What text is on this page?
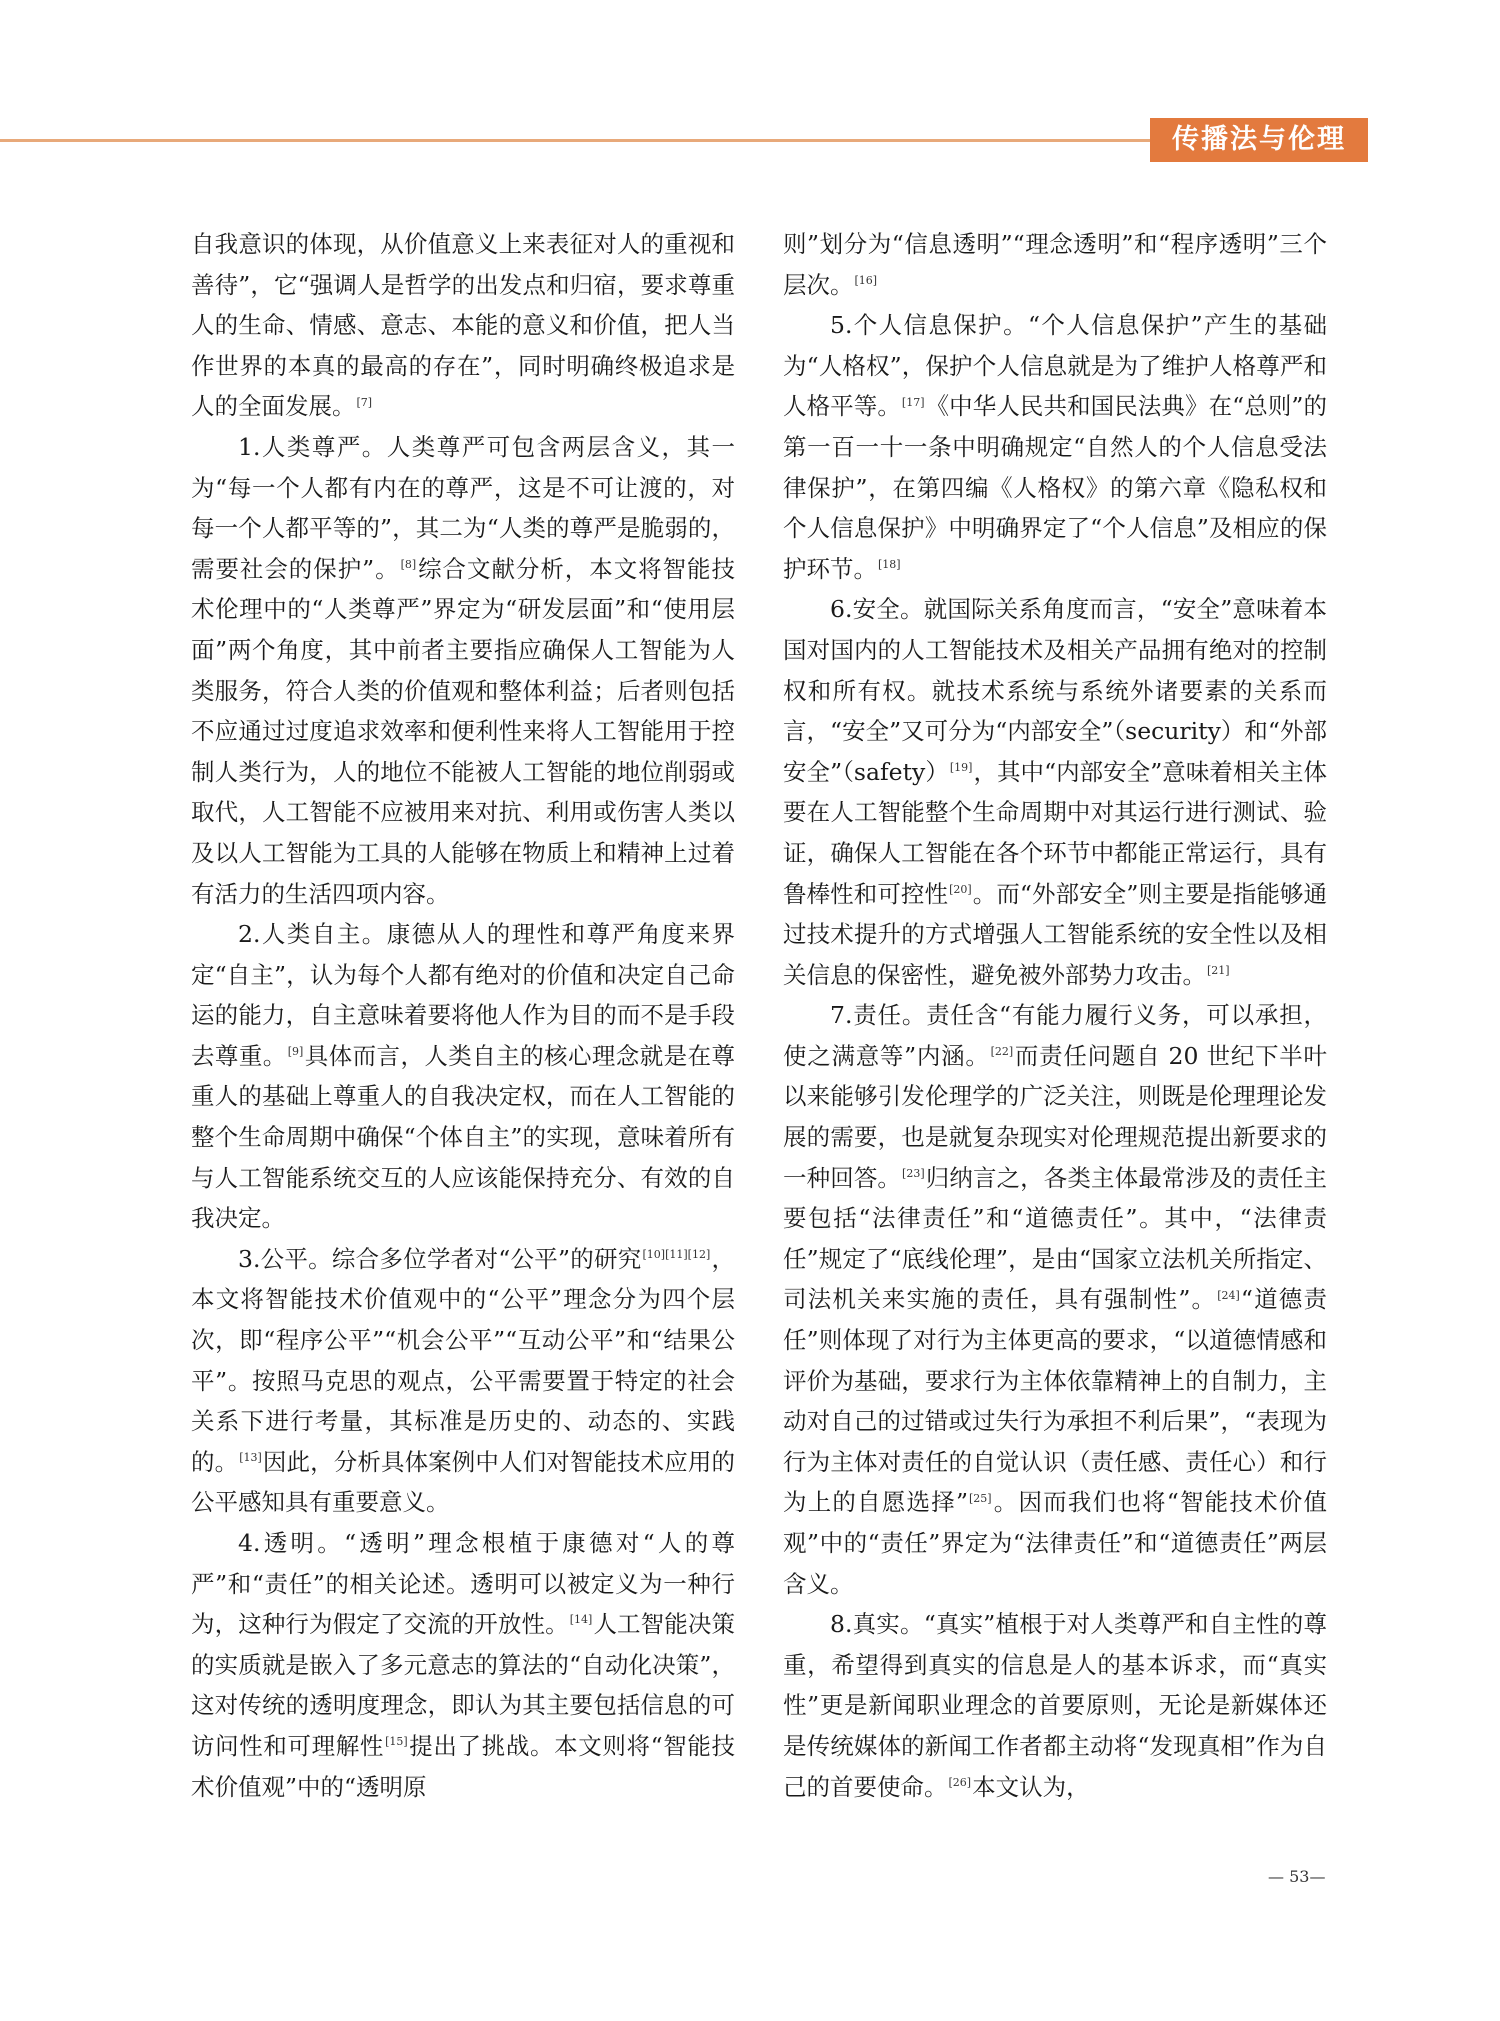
传播法与伦理

自我意识的体现，从价值意义上来表征对人的重视和善待”，它“强调人是哲学的出发点和归宿，要求尊重人的生命、情感、意志、本能的意义和价值，把人当作世界的本真的最高的存在”，同时明确终极追求是人的全面发展。[7]

1.人类尊严。人类尊严可包含两层含义，其一为“每一个人都有内在的尊严，这是不可让渡的，对每一个人都平等的”，其二为“人类的尊严是脆弱的，需要社会的保护”。[8]综合文献分析，本文将智能技术伦理中的“人类尊严”界定为“研发层面”和“使用层面”两个角度，其中前者主要指应确保人工智能为人类服务，符合人类的价值观和整体利益；后者则包括不应通过过度追求效率和便利性来将人工智能用于控制人类行为，人的地位不能被人工智能的地位削弱或取代，人工智能不应被用来对抗、利用或伤害人类以及以人工智能为工具的人能够在物质上和精神上过着有活力的生活四项内容。

2.人类自主。康德从人的理性和尊严角度来界定“自主”，认为每个人都有绝对的价值和决定自己命运的能力，自主意味着要将他人作为目的而不是手段去尊重。[9]具体而言，人类自主的核心理念就是在尊重人的基础上尊重人的自我决定权，而在人工智能的整个生命周期中确保“个体自主”的实现，意味着所有与人工智能系统交互的人应该能保持充分、有效的自我决定。

3.公平。综合多位学者对“公平”的研究[10][11][12]，本文将智能技术价值观中的“公平”理念分为四个层次，即“程序公平”“机会公平”“互动公平”和“结果公平”。按照马克思的观点，公平需要置于特定的社会关系下进行考量，其标准是历史的、动态的、实践的。[13]因此，分析具体案例中人们对智能技术应用的公平感知具有重要意义。

4.透明。“透明”理念根植于康德对“人的尊严”和“责任”的相关论述。透明可以被定义为一种行为，这种行为假定了交流的开放性。[14]人工智能决策的实质就是嵌入了多元意志的算法的“自动化决策”，这对传统的透明度理念，即认为其主要包括信息的可访问性和可理解性[15]提出了挑战。本文则将“智能技术价值观”中的“透明原

则”划分为“信息透明”“理念透明”和“程序透明”三个层次。[16]

5.个人信息保护。“个人信息保护”产生的基础为“人格权”，保护个人信息就是为了维护人格尊严和人格平等。[17]《中华人民共和国民法典》在“总则”的第一百一十一条中明确规定“自然人的个人信息受法律保护”，在第四编《人格权》的第六章《隐私权和个人信息保护》中明确界定了“个人信息”及相应的保护环节。[18]

6.安全。就国际关系角度而言，“安全”意味着本国对国内的人工智能技术及相关产品拥有绝对的控制权和所有权。就技术系统与系统外诸要素的关系而言，“安全”又可分为“内部安全”（security）和“外部安全”（safety）[19]，其中“内部安全”意味着相关主体要在人工智能整个生命周期中对其运行进行测试、验证，确保人工智能在各个环节中都能正常运行，具有鲁棒性和可控性[20]。而“外部安全”则主要是指能够通过技术提升的方式增强人工智能系统的安全性以及相关信息的保密性，避免被外部势力攻击。[21]

7.责任。责任含“有能力履行义务，可以承担，使之满意等”内涵。[22]而责任问题自 20 世纪下半叶以来能够引发伦理学的广泛关注，则既是伦理理论发展的需要，也是就复杂现实对伦理规范提出新要求的一种回答。[23]归纳言之，各类主体最常涉及的责任主要包括“法律责任”和“道德责任”。其中，“法律责任”规定了“底线伦理”，是由“国家立法机关所指定、司法机关来实施的责任，具有强制性”。[24]“道德责任”则体现了对行为主体更高的要求，“以道德情感和评价为基础，要求行为主体依靠精神上的自制力，主动对自己的过错或过失行为承担不利后果”，“表现为行为主体对责任的自觉认识（责任感、责任心）和行为上的自愿选择”[25]。因而我们也将“智能技术价值观”中的“责任”界定为“法律责任”和“道德责任”两层含义。

8.真实。“真实”植根于对人类尊严和自主性的尊重，希望得到真实的信息是人的基本诉求，而“真实性”更是新闻职业理念的首要原则，无论是新媒体还是传统媒体的新闻工作者都主动将“发现真相”作为自己的首要使命。[26]本文认为，

— 53—
